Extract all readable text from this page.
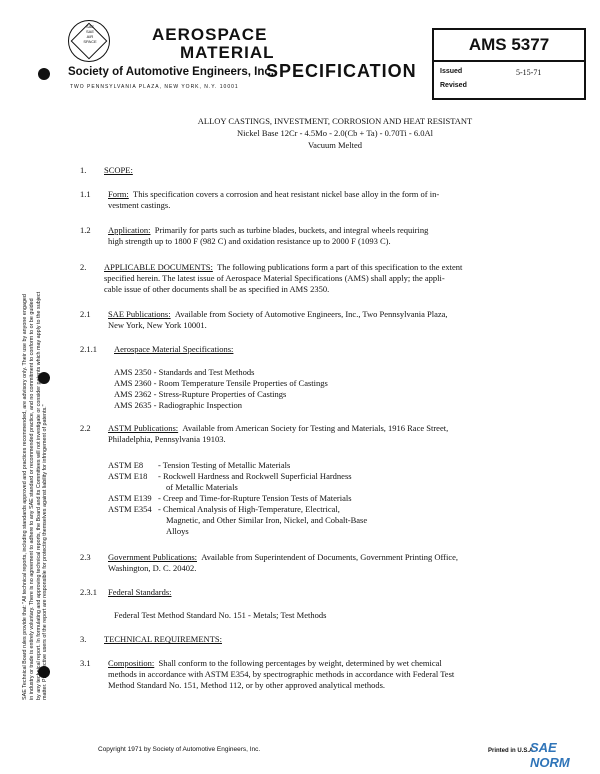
SAE
SAE
AIR
SPACE	AEROSPACE
MATERIAL
SPECIFICATION
Society of Automotive Engineers, Inc.
TWO PENNSYLVANIA PLAZA, NEW YORK, N.Y. 10001
AMS 5377
Issued	5-15-71
Revised
ALLOY CASTINGS, INVESTMENT, CORROSION AND HEAT RESISTANT
Nickel Base 12Cr - 4.5Mo - 2.0(Cb + Ta) - 0.70Ti - 6.0Al
Vacuum Melted
1. SCOPE:
1.1 Form: This specification covers a corrosion and heat resistant nickel base alloy in the form of in-
vestment castings.
1.2 Application: Primarily for parts such as turbine blades, buckets, and integral wheels requiring
high strength up to 1800 F (982 C) and oxidation resistance up to 2000 F (1093 C).
2. APPLICABLE DOCUMENTS: The following publications form a part of this specification to the extent
specified herein. The latest issue of Aerospace Material Specifications (AMS) shall apply; the appli-
cable issue of other documents shall be as specified in AMS 2350.
2.1 SAE Publications: Available from Society of Automotive Engineers, Inc., Two Pennsylvania Plaza,
New York, New York 10001.
2.1.1 Aerospace Material Specifications:
AMS 2350 - Standards and Test Methods
AMS 2360 - Room Temperature Tensile Properties of Castings
AMS 2362 - Stress-Rupture Properties of Castings
AMS 2635 - Radiographic Inspection
2.2 ASTM Publications: Available from American Society for Testing and Materials, 1916 Race Street,
Philadelphia, Pennsylvania 19103.
ASTM E8 - Tension Testing of Metallic Materials
ASTM E18 - Rockwell Hardness and Rockwell Superficial Hardness
of Metallic Materials
ASTM E139 - Creep and Time-for-Rupture Tension Tests of Materials
ASTM E354 - Chemical Analysis of High-Temperature, Electrical,
Magnetic, and Other Similar Iron, Nickel, and Cobalt-Base
Alloys
2.3 Government Publications: Available from Superintendent of Documents, Government Printing Office,
Washington, D. C. 20402.
2.3.1 Federal Standards:
Federal Test Method Standard No. 151 - Metals; Test Methods
3. TECHNICAL REQUIREMENTS:
3.1 Composition: Shall conform to the following percentages by weight, determined by wet chemical
methods in accordance with ASTM E354, by spectrographic methods in accordance with Federal Test
Method Standard No. 151, Method 112, or by other approved analytical methods.
SAE Technical Board rules provide that: "All technical reports, including standards approved and practices recommended, are advisory only. Their use by anyone engaged in industry or trade is entirely voluntary. There is no agreement to adhere to any SAE standard or recommended practice, and no commitment to conform to or be guided by any technical report. In formulating and approving technical reports, the Board and its Committees will not investigate or consider patents which may apply to the subject matter. Prospective users of the report are responsible for protecting themselves against liability for infringement of patents."
Copyright 1971 by Society of Automotive Engineers, Inc.	Printed in U.S.A.
SAE NORM
